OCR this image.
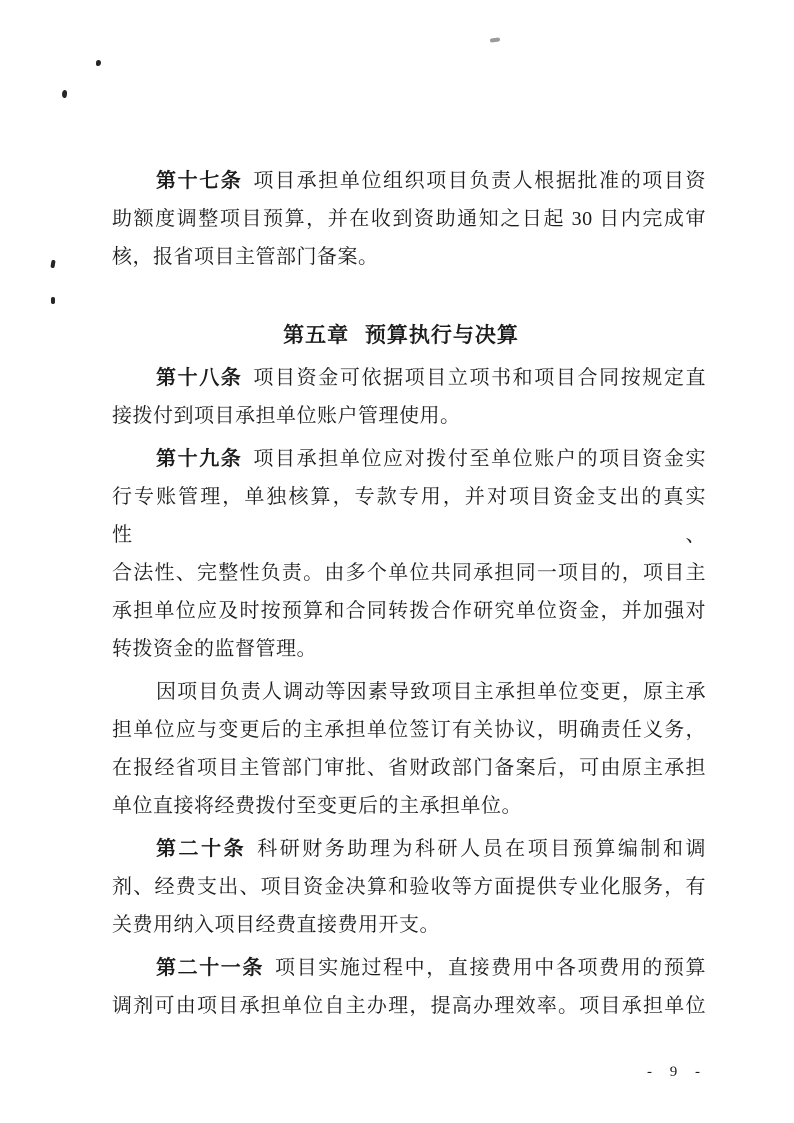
第十七条 项目承担单位组织项目负责人根据批准的项目资
助额度调整项目预算，并在收到资助通知之日起 30 日内完成审
核，报省项目主管部门备案。
第五章 预算执行与决算
第十八条 项目资金可依据项目立项书和项目合同按规定直
接拨付到项目承担单位账户管理使用。
第十九条 项目承担单位应对拨付至单位账户的项目资金实
行专账管理，单独核算，专款专用，并对项目资金支出的真实性、
合法性、完整性负责。由多个单位共同承担同一项目的，项目主
承担单位应及时按预算和合同转拨合作研究单位资金，并加强对
转拨资金的监督管理。
因项目负责人调动等因素导致项目主承担单位变更，原主承
担单位应与变更后的主承担单位签订有关协议，明确责任义务，
在报经省项目主管部门审批、省财政部门备案后，可由原主承担
单位直接将经费拨付至变更后的主承担单位。
第二十条 科研财务助理为科研人员在项目预算编制和调
剂、经费支出、项目资金决算和验收等方面提供专业化服务，有
关费用纳入项目经费直接费用开支。
第二十一条 项目实施过程中，直接费用中各项费用的预算
调剂可由项目承担单位自主办理，提高办理效率。项目承担单位
- 9 -
